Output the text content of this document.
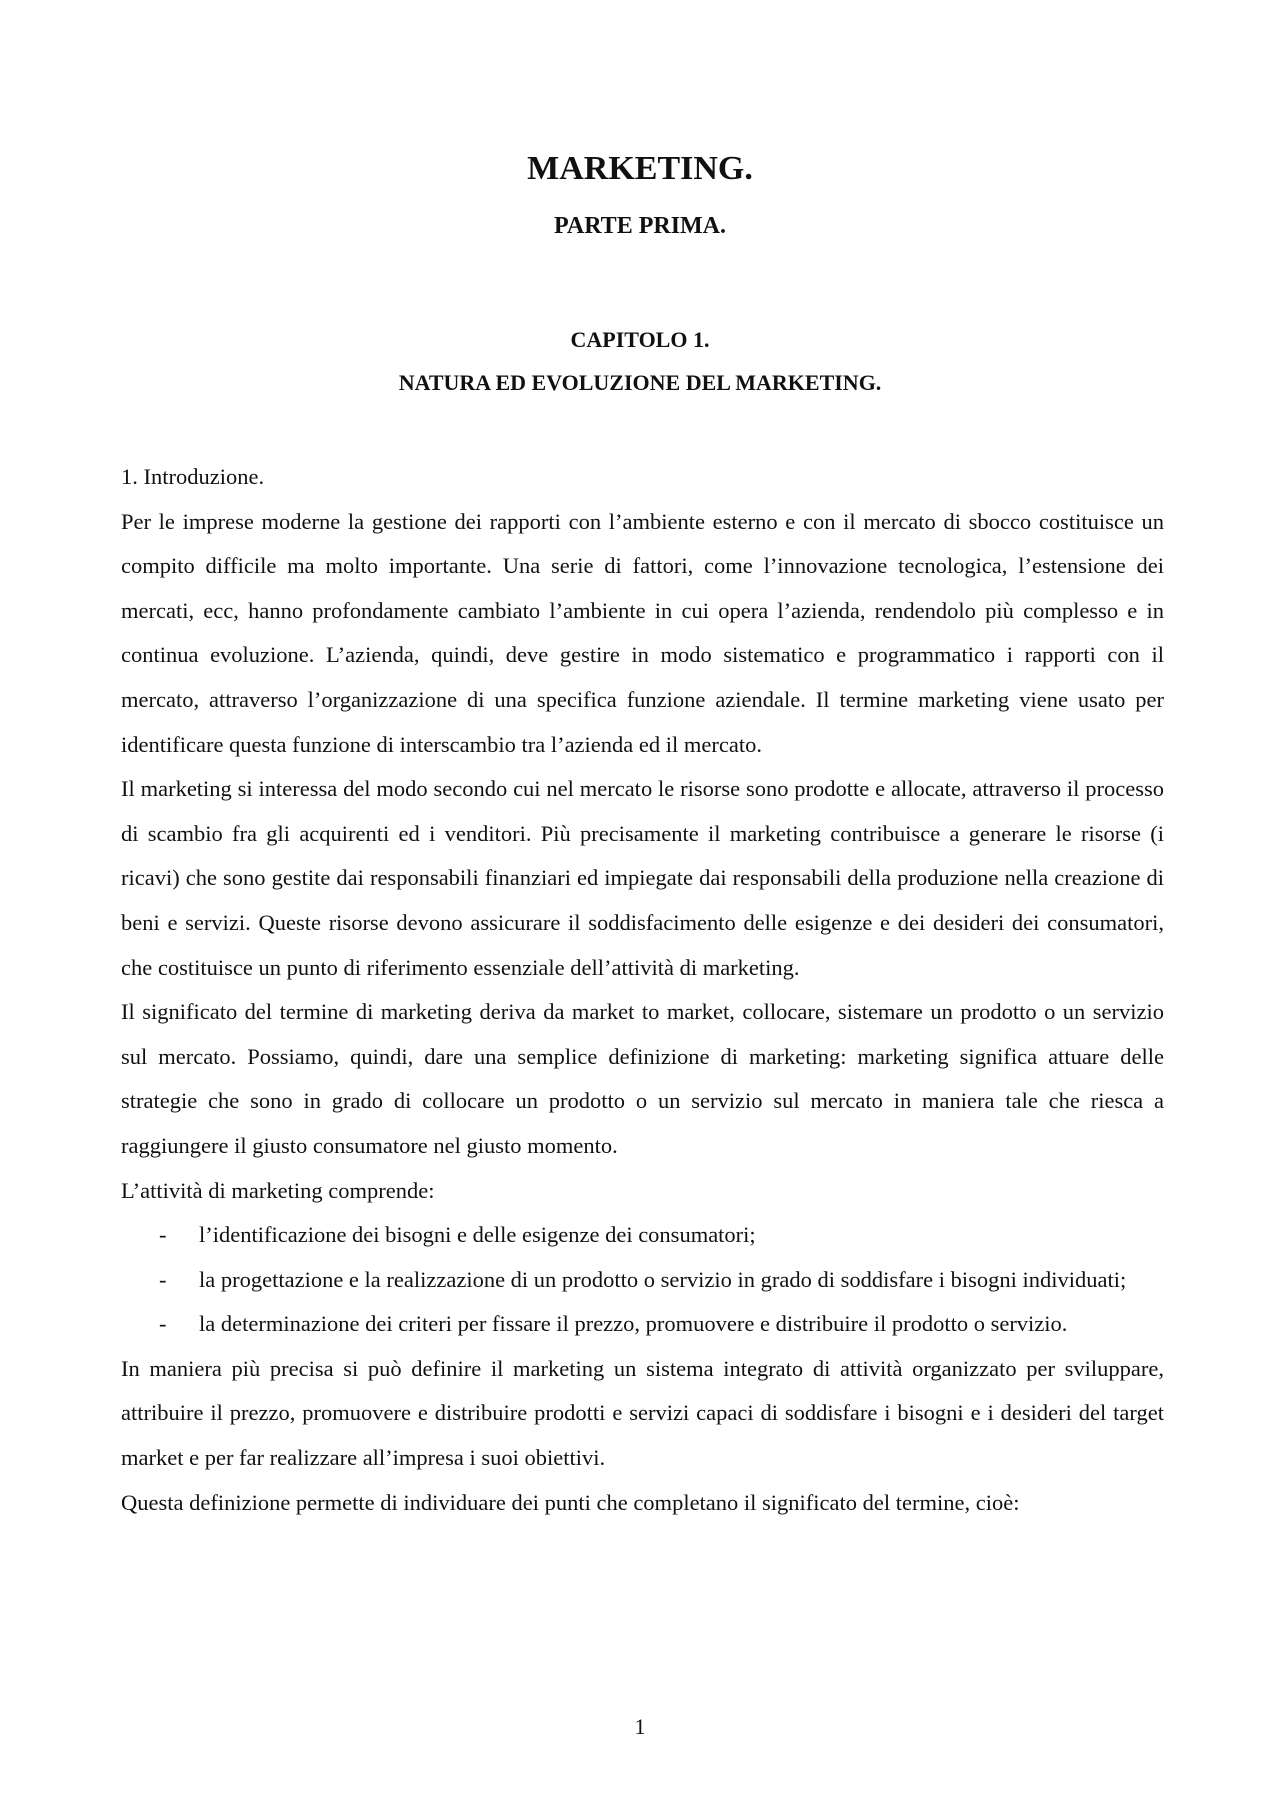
MARKETING.
PARTE PRIMA.
CAPITOLO 1.
NATURA ED EVOLUZIONE DEL MARKETING.

1. Introduzione.

Per le imprese moderne la gestione dei rapporti con l’ambiente esterno e con il mercato di sbocco costituisce un compito difficile ma molto importante. Una serie di fattori, come l’innovazione tecnologica, l’estensione dei mercati, ecc, hanno profondamente cambiato l’ambiente in cui opera l’azienda, rendendolo più complesso e in continua evoluzione. L’azienda, quindi, deve gestire in modo sistematico e programmatico i rapporti con il mercato, attraverso l’organizzazione di una specifica funzione aziendale. Il termine marketing viene usato per identificare questa funzione di interscambio tra l’azienda ed il mercato.

Il marketing si interessa del modo secondo cui nel mercato le risorse sono prodotte e allocate, attraverso il processo di scambio fra gli acquirenti ed i venditori. Più precisamente il marketing contribuisce a generare le risorse (i ricavi) che sono gestite dai responsabili finanziari ed impiegate dai responsabili della produzione nella creazione di beni e servizi. Queste risorse devono assicurare il soddisfacimento delle esigenze e dei desideri dei consumatori, che costituisce un punto di riferimento essenziale dell’attività di marketing.

Il significato del termine di marketing deriva da market to market, collocare, sistemare un prodotto o un servizio sul mercato. Possiamo, quindi, dare una semplice definizione di marketing: marketing significa attuare delle strategie che sono in grado di collocare un prodotto o un servizio sul mercato in maniera tale che riesca a raggiungere il giusto consumatore nel giusto momento.

L’attività di marketing comprende:

- l’identificazione dei bisogni e delle esigenze dei consumatori;
- la progettazione e la realizzazione di un prodotto o servizio in grado di soddisfare i bisogni individuati;
- la determinazione dei criteri per fissare il prezzo, promuovere e distribuire il prodotto o servizio.

In maniera più precisa si può definire il marketing un sistema integrato di attività organizzato per sviluppare, attribuire il prezzo, promuovere e distribuire prodotti e servizi capaci di soddisfare i bisogni e i desideri del target market e per far realizzare all’impresa i suoi obiettivi.

Questa definizione permette di individuare dei punti che completano il significato del termine, cioè:

1
